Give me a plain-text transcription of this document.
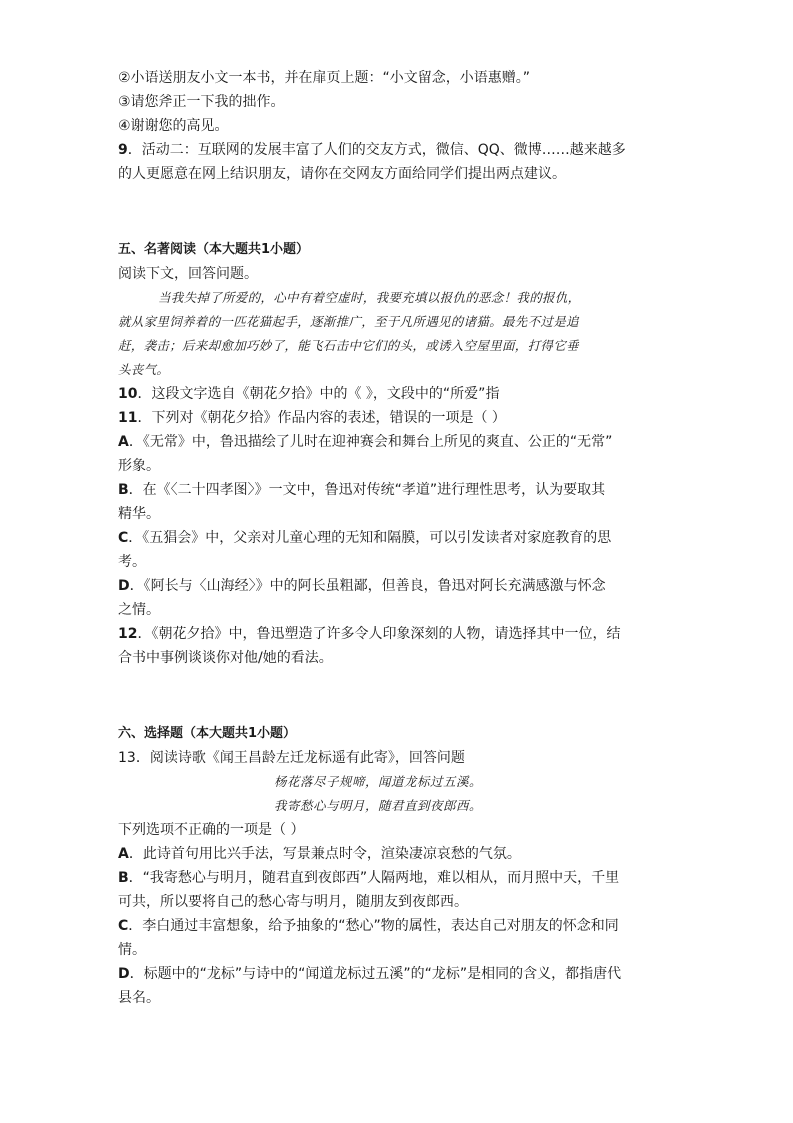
②小语送朋友小文一本书，并在扉页上题：“小文留念，小语惠赠。”
③请您斧正一下我的拙作。
④谢谢您的高见。
9．活动二：互联网的发展丰富了人们的交友方式，微信、QQ、微博……越来越多
的人更愿意在网上结识朋友，请你在交网友方面给同学们提出两点建议。
五、名著阅读（本大题共1小题）
阅读下文，回答问题。
当我失掉了所爱的，心中有着空虚时，我要充填以报仇的恶念！我的报仇，
就从家里饲养着的一匹花猫起手，逐渐推广，至于凡所遇见的诸猫。最先不过是追
赶，袭击；后来却愈加巧妙了，能飞石击中它们的头，或诱入空屋里面，打得它垂
头丧气。
10．这段文字选自《朝花夕拾》中的《 》，文段中的“所爱”指
11．下列对《朝花夕拾》作品内容的表述，错误的一项是（ ）
A．《无常》中，鲁迅描绘了儿时在迎神赛会和舞台上所见的爽直、公正的“无常”
形象。
B．在《〈二十四孝图〉》一文中，鲁迅对传统“孝道”进行理性思考，认为要取其
精华。
C．《五猖会》中，父亲对儿童心理的无知和隔膜，可以引发读者对家庭教育的思
考。
D．《阿长与〈山海经〉》中的阿长虽粗鄙，但善良，鲁迅对阿长充满感激与怀念
之情。
12．《朝花夕拾》中，鲁迅塑造了许多令人印象深刻的人物，请选择其中一位，结
合书中事例谈谈你对他/她的看法。
六、选择题（本大题共1小题）
13．阅读诗歌《闻王昌龄左迁龙标遥有此寄》，回答问题
杨花落尽子规啼，闻道龙标过五溪。
我寄愁心与明月，随君直到夜郎西。
下列选项不正确的一项是（ ）
A．此诗首句用比兴手法，写景兼点时令，渲染凄凉哀愁的气氛。
B．“我寄愁心与明月，随君直到夜郎西”人隔两地，难以相从，而月照中天，千里
可共，所以要将自己的愁心寄与明月，随朋友到夜郎西。
C．李白通过丰富想象，给予抽象的“愁心”物的属性，表达自己对朋友的怀念和同
情。
D．标题中的“龙标”与诗中的“闻道龙标过五溪”的“龙标”是相同的含义，都指唐代
县名。
